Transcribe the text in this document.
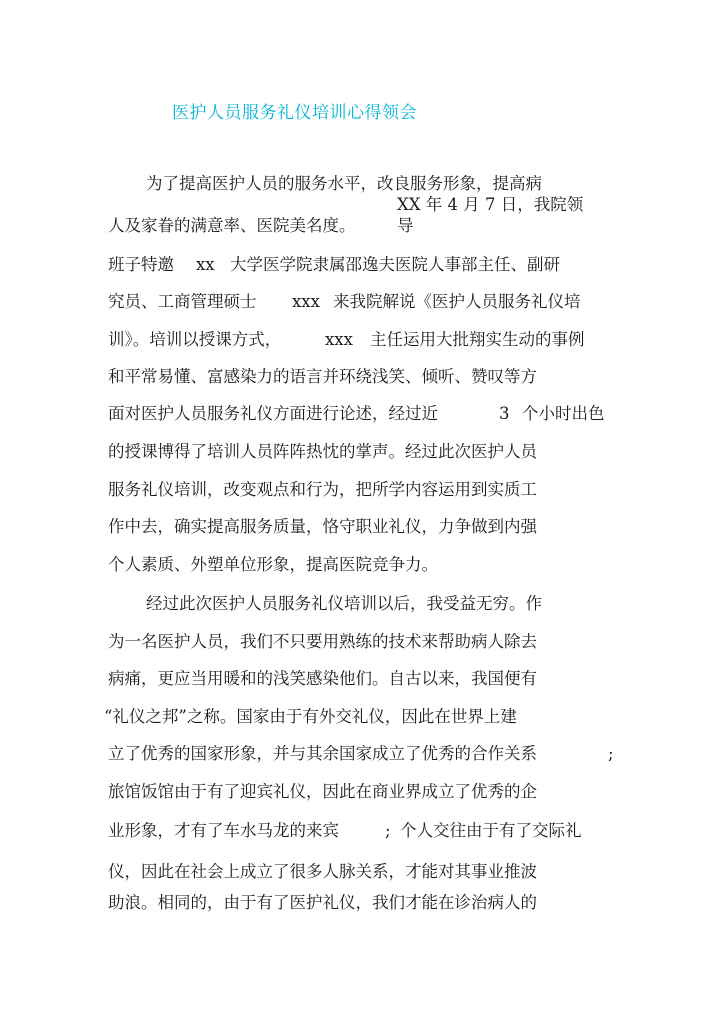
医护人员服务礼仪培训心得领会
为了提高医护人员的服务水平，改良服务形象，提高病
XX 年 4 月 7 日，我院领
人及家眷的满意率、医院美名度。	导
班子特邀 xx 大学医学院隶属邵逸夫医院人事部主任、副研
究员、工商管理硕士 xxx 来我院解说《医护人员服务礼仪培
训》。培训以授课方式，	xxx 主任运用大批翔实生动的事例
和平常易懂、富感染力的语言并环绕浅笑、倾听、赞叹等方
面对医护人员服务礼仪方面进行论述，经过近	3 个小时出色
的授课博得了培训人员阵阵热忱的掌声。经过此次医护人员
服务礼仪培训，改变观点和行为，把所学内容运用到实质工
作中去，确实提高服务质量，恪守职业礼仪，力争做到内强
个人素质、外塑单位形象，提高医院竞争力。
经过此次医护人员服务礼仪培训以后，我受益无穷。作
为一名医护人员，我们不只要用熟练的技术来帮助病人除去
病痛，更应当用暖和的浅笑感染他们。自古以来，我国便有
“礼仪之邦”之称。国家由于有外交礼仪，因此在世界上建
立了优秀的国家形象，并与其余国家成立了优秀的合作关系	;
旅馆饭馆由于有了迎宾礼仪，因此在商业界成立了优秀的企
业形象，才有了车水马龙的来宾	; 个人交往由于有了交际礼
仪，因此在社会上成立了很多人脉关系，才能对其事业推波
助浪。相同的，由于有了医护礼仪，我们才能在诊治病人的
